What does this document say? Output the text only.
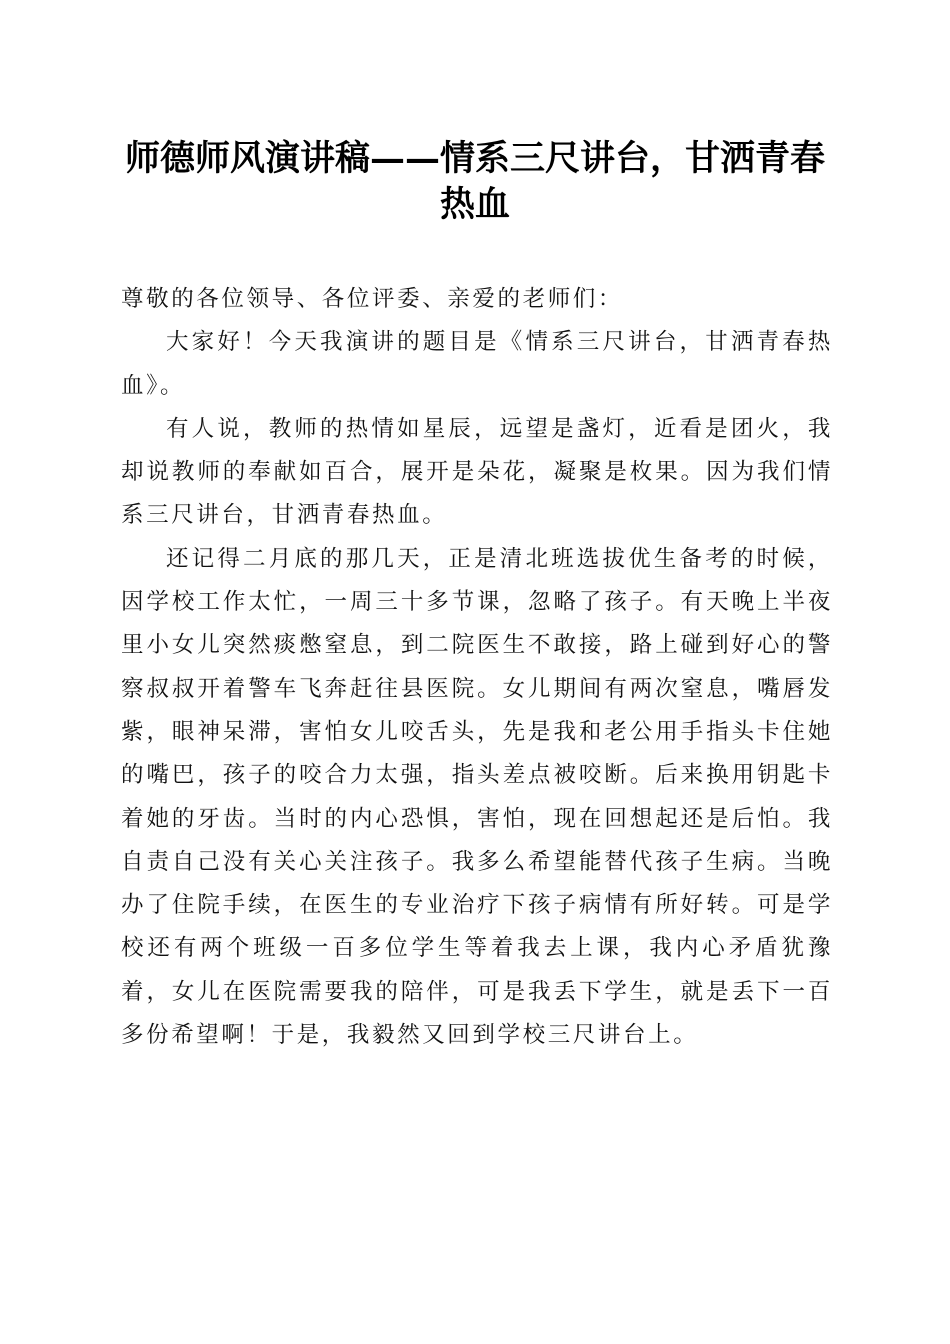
师德师风演讲稿——情系三尺讲台，甘洒青春热血

尊敬的各位领导、各位评委、亲爱的老师们：

大家好！今天我演讲的题目是《情系三尺讲台，甘洒青春热血》。

有人说，教师的热情如星辰，远望是盏灯，近看是团火，我却说教师的奉献如百合，展开是朵花，凝聚是枚果。因为我们情系三尺讲台，甘洒青春热血。

还记得二月底的那几天，正是清北班选拔优生备考的时候，因学校工作太忙，一周三十多节课，忽略了孩子。有天晚上半夜里小女儿突然痰憋窒息，到二院医生不敢接，路上碰到好心的警察叔叔开着警车飞奔赶往县医院。女儿期间有两次窒息，嘴唇发紫，眼神呆滞，害怕女儿咬舌头，先是我和老公用手指头卡住她的嘴巴，孩子的咬合力太强，指头差点被咬断。后来换用钥匙卡着她的牙齿。当时的内心恐惧，害怕，现在回想起还是后怕。我自责自己没有关心关注孩子。我多么希望能替代孩子生病。当晚办了住院手续，在医生的专业治疗下孩子病情有所好转。可是学校还有两个班级一百多位学生等着我去上课，我内心矛盾犹豫着，女儿在医院需要我的陪伴，可是我丢下学生，就是丢下一百多份希望啊！于是，我毅然又回到学校三尺讲台上。
